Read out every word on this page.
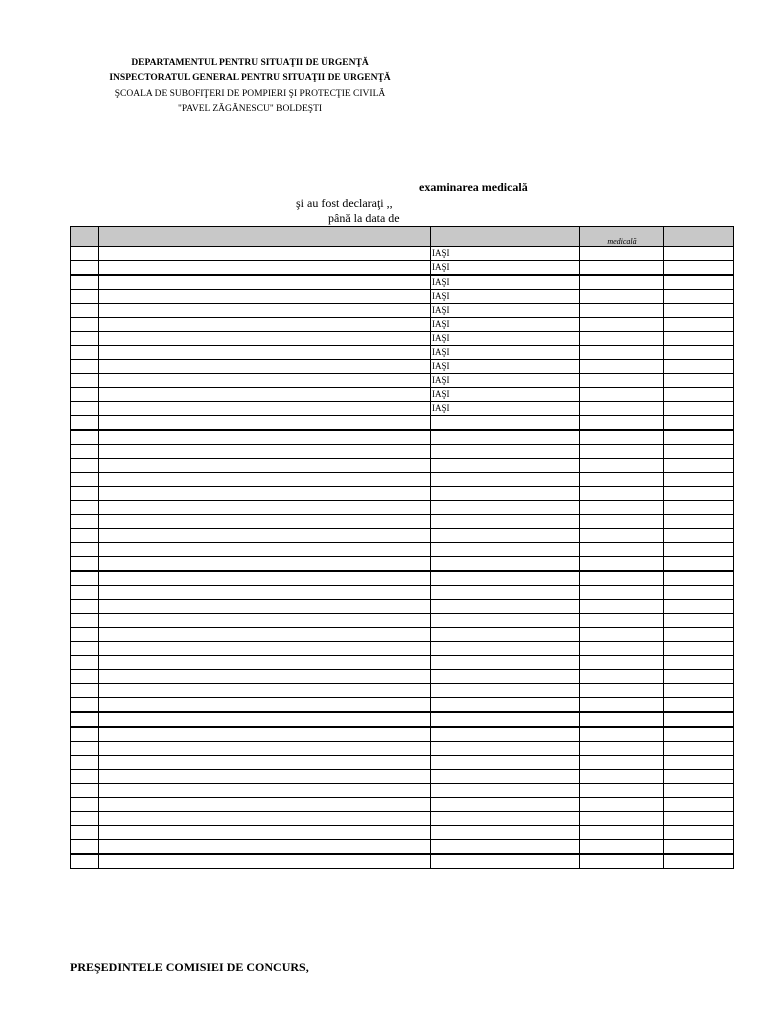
DEPARTAMENTUL PENTRU SITUAŢII DE URGENŢĂ
INSPECTORATUL GENERAL PENTRU SITUAŢII DE URGENŢĂ
ŞCOALA DE SUBOFIŢERI DE POMPIERI ŞI PROTECŢIE CIVILĂ
"PAVEL ZĂGĂNESCU" BOLDEŞTI
examinarea medicală
şi au fost declaraţi ,,
până la data de

			medicală	

		IAŞI		
		IAŞI		
		IAŞI		
		IAŞI		
		IAŞI		
		IAŞI		
		IAŞI		
		IAŞI		
		IAŞI		
		IAŞI		
		IAŞI		
		IAŞI		

PREŞEDINTELE COMISIEI DE CONCURS,
